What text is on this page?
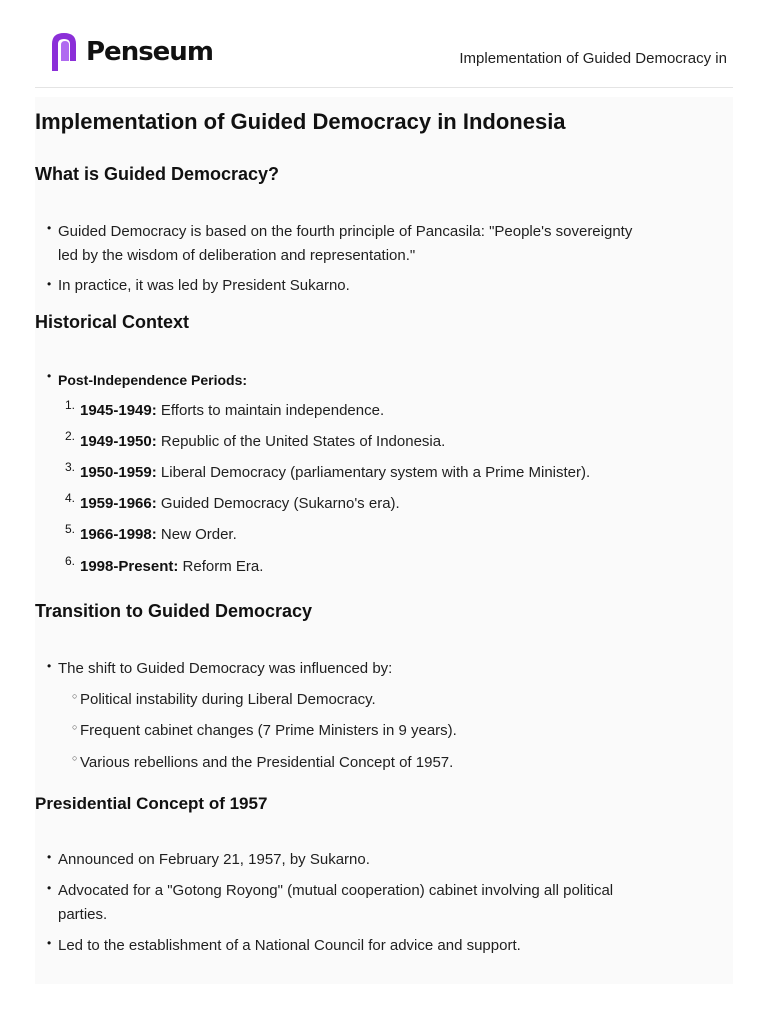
Penseum	Implementation of Guided Democracy in
Implementation of Guided Democracy in Indonesia
What is Guided Democracy?
• Guided Democracy is based on the fourth principle of Pancasila: "People's sovereignty
led by the wisdom of deliberation and representation."
• In practice, it was led by President Sukarno.
Historical Context
• Post-Independence Periods:
1. 1945-1949: Efforts to maintain independence.
2. 1949-1950: Republic of the United States of Indonesia.
3. 1950-1959: Liberal Democracy (parliamentary system with a Prime Minister).
4. 1959-1966: Guided Democracy (Sukarno's era).
5. 1966-1998: New Order.
6. 1998-Present: Reform Era.
Transition to Guided Democracy
• The shift to Guided Democracy was influenced by:
○ Political instability during Liberal Democracy.
○ Frequent cabinet changes (7 Prime Ministers in 9 years).
○ Various rebellions and the Presidential Concept of 1957.
Presidential Concept of 1957
• Announced on February 21, 1957, by Sukarno.
• Advocated for a "Gotong Royong" (mutual cooperation) cabinet involving all political
parties.
• Led to the establishment of a National Council for advice and support.
